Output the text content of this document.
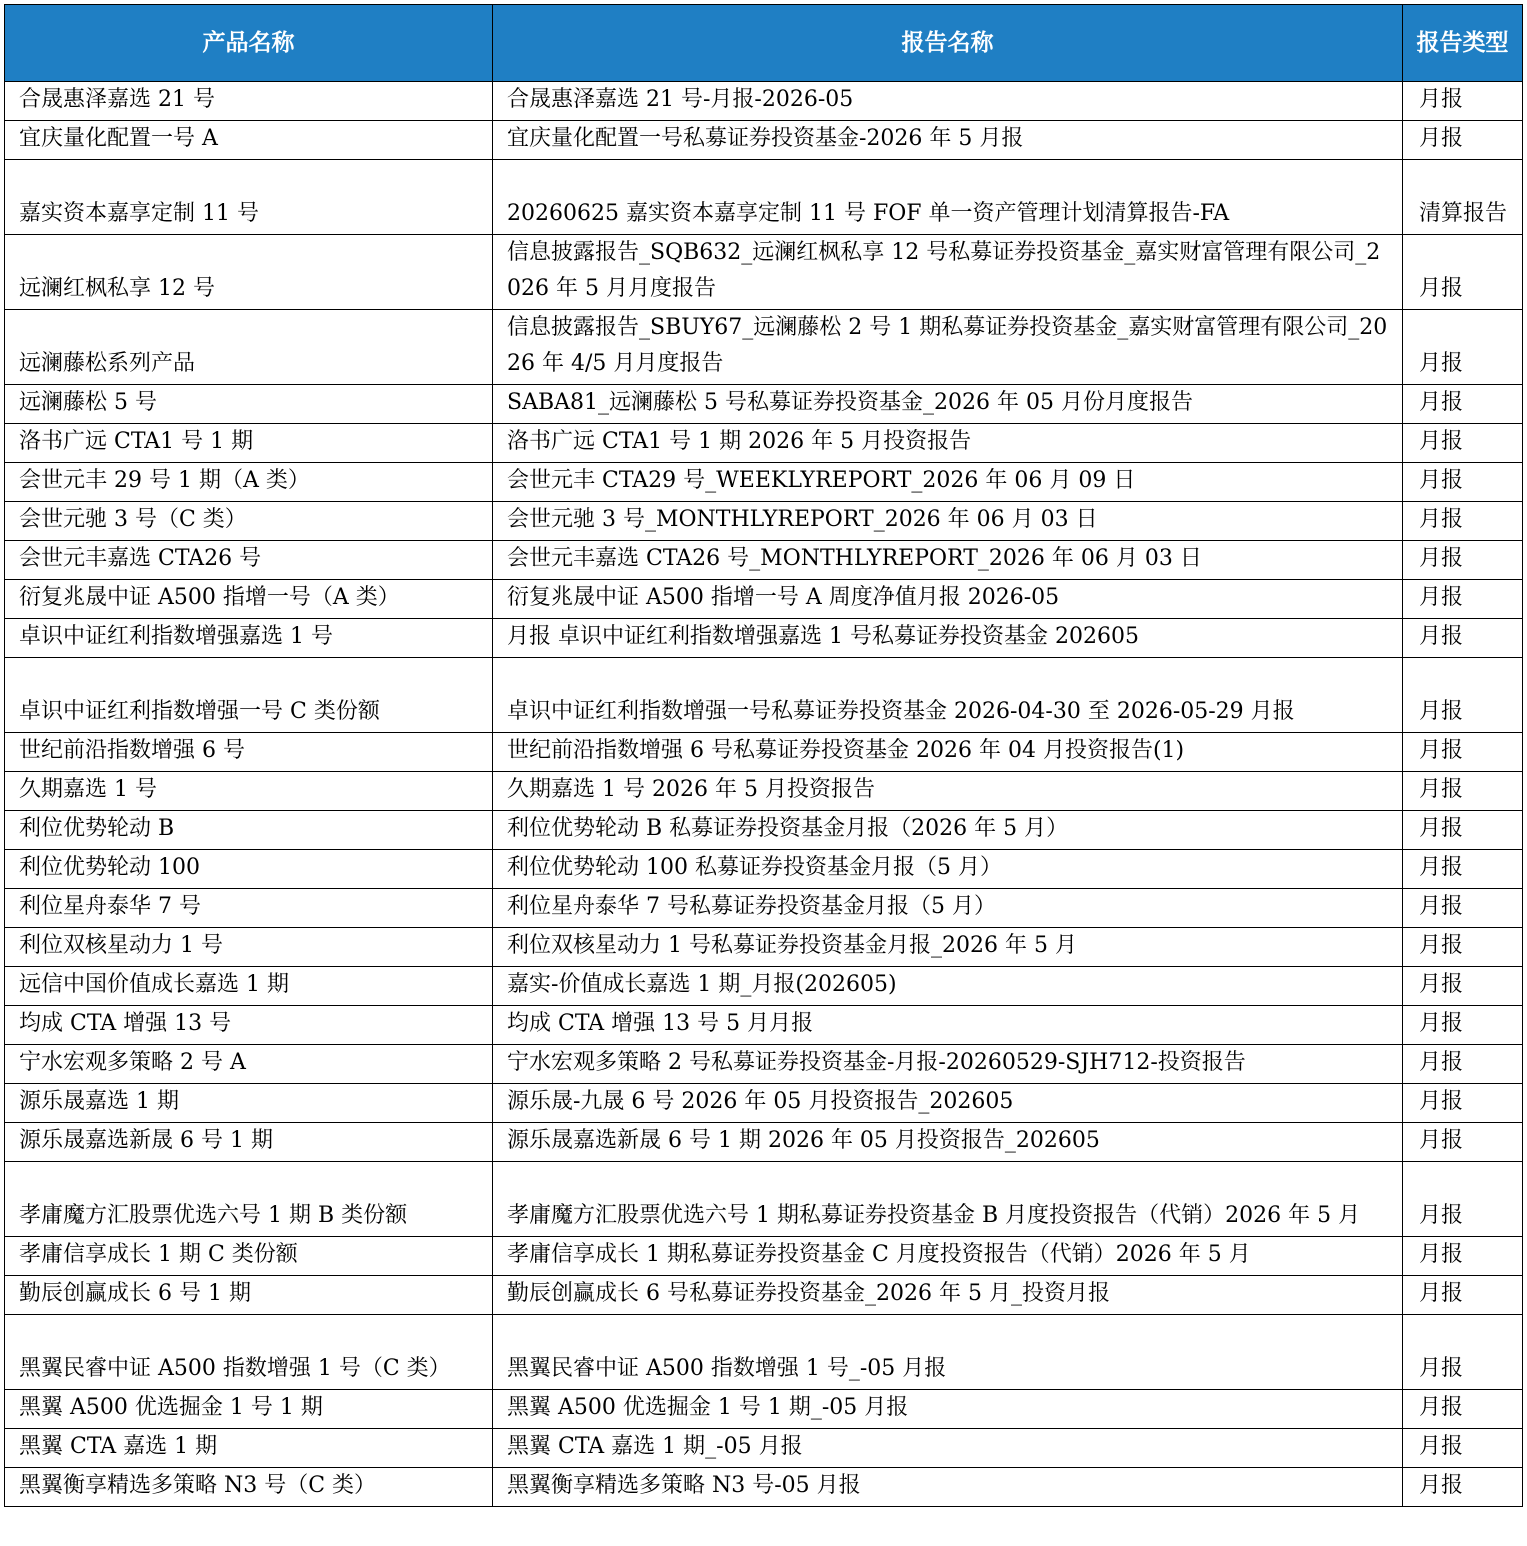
产品名称	报告名称	报告类型
合晟惠泽嘉选 21 号	合晟惠泽嘉选 21 号-月报-2026-05	月报
宜庆量化配置一号 A	宜庆量化配置一号私募证券投资基金-2026 年 5 月报	月报
嘉实资本嘉享定制 11 号	20260625 嘉实资本嘉享定制 11 号 FOF 单一资产管理计划清算报告-FA	清算报告
远澜红枫私享 12 号	信息披露报告_SQB632_远澜红枫私享 12 号私募证券投资基金_嘉实财富管理有限公司_2026 年 5 月月度报告	月报
远澜藤松系列产品	信息披露报告_SBUY67_远澜藤松 2 号 1 期私募证券投资基金_嘉实财富管理有限公司_2026 年 4/5 月月度报告	月报
远澜藤松 5 号	SABA81_远澜藤松 5 号私募证券投资基金_2026 年 05 月份月度报告	月报
洛书广远 CTA1 号 1 期	洛书广远 CTA1 号 1 期 2026 年 5 月投资报告	月报
会世元丰 29 号 1 期（A 类）	会世元丰 CTA29 号_WEEKLYREPORT_2026 年 06 月 09 日	月报
会世元驰 3 号（C 类）	会世元驰 3 号_MONTHLYREPORT_2026 年 06 月 03 日	月报
会世元丰嘉选 CTA26 号	会世元丰嘉选 CTA26 号_MONTHLYREPORT_2026 年 06 月 03 日	月报
衍复兆晟中证 A500 指增一号（A 类）	衍复兆晟中证 A500 指增一号 A 周度净值月报 2026-05	月报
卓识中证红利指数增强嘉选 1 号	月报 卓识中证红利指数增强嘉选 1 号私募证券投资基金 202605	月报
卓识中证红利指数增强一号 C 类份额	卓识中证红利指数增强一号私募证券投资基金 2026-04-30 至 2026-05-29 月报	月报
世纪前沿指数增强 6 号	世纪前沿指数增强 6 号私募证券投资基金 2026 年 04 月投资报告(1)	月报
久期嘉选 1 号	久期嘉选 1 号 2026 年 5 月投资报告	月报
利位优势轮动 B	利位优势轮动 B 私募证券投资基金月报（2026 年 5 月）	月报
利位优势轮动 100	利位优势轮动 100 私募证券投资基金月报（5 月）	月报
利位星舟泰华 7 号	利位星舟泰华 7 号私募证券投资基金月报（5 月）	月报
利位双核星动力 1 号	利位双核星动力 1 号私募证券投资基金月报_2026 年 5 月	月报
远信中国价值成长嘉选 1 期	嘉实-价值成长嘉选 1 期_月报(202605)	月报
均成 CTA 增强 13 号	均成 CTA 增强 13 号 5 月月报	月报
宁水宏观多策略 2 号 A	宁水宏观多策略 2 号私募证券投资基金-月报-20260529-SJH712-投资报告	月报
源乐晟嘉选 1 期	源乐晟-九晟 6 号 2026 年 05 月投资报告_202605	月报
源乐晟嘉选新晟 6 号 1 期	源乐晟嘉选新晟 6 号 1 期 2026 年 05 月投资报告_202605	月报
孝庸魔方汇股票优选六号 1 期 B 类份额	孝庸魔方汇股票优选六号 1 期私募证券投资基金 B 月度投资报告（代销）2026 年 5 月	月报
孝庸信享成长 1 期 C 类份额	孝庸信享成长 1 期私募证券投资基金 C 月度投资报告（代销）2026 年 5 月	月报
勤辰创赢成长 6 号 1 期	勤辰创赢成长 6 号私募证券投资基金_2026 年 5 月_投资月报	月报
黑翼民睿中证 A500 指数增强 1 号（C 类）	黑翼民睿中证 A500 指数增强 1 号_-05 月报	月报
黑翼 A500 优选掘金 1 号 1 期	黑翼 A500 优选掘金 1 号 1 期_-05 月报	月报
黑翼 CTA 嘉选 1 期	黑翼 CTA 嘉选 1 期_-05 月报	月报
黑翼衡享精选多策略 N3 号（C 类）	黑翼衡享精选多策略 N3 号-05 月报	月报
